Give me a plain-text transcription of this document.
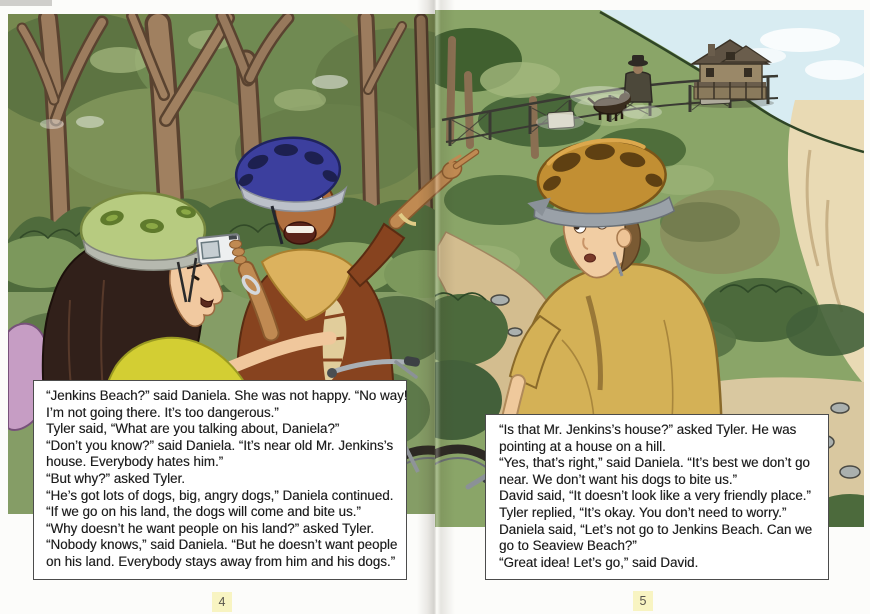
“Jenkins Beach?” said Daniela. She was not happy. “No way!
I’m not going there. It’s too dangerous.”
Tyler said, “What are you talking about, Daniela?”
“Don’t you know?” said Daniela. “It’s near old Mr. Jenkins’s
house. Everybody hates him.”
“But why?” asked Tyler.
“He’s got lots of dogs, big, angry dogs,” Daniela continued.
“If we go on his land, the dogs will come and bite us.”
“Why doesn’t he want people on his land?” asked Tyler.
“Nobody knows,” said Daniela. “But he doesn’t want people
on his land. Everybody stays away from him and his dogs.”
“Is that Mr. Jenkins’s house?” asked Tyler. He was
pointing at a house on a hill.
“Yes, that’s right,” said Daniela. “It’s best we don’t go
near. We don’t want his dogs to bite us.”
David said, “It doesn’t look like a very friendly place.”
Tyler replied, “It’s okay. You don’t need to worry.”
Daniela said, “Let’s not go to Jenkins Beach. Can we
go to Seaview Beach?”
“Great idea! Let’s go,” said David.
4	5
